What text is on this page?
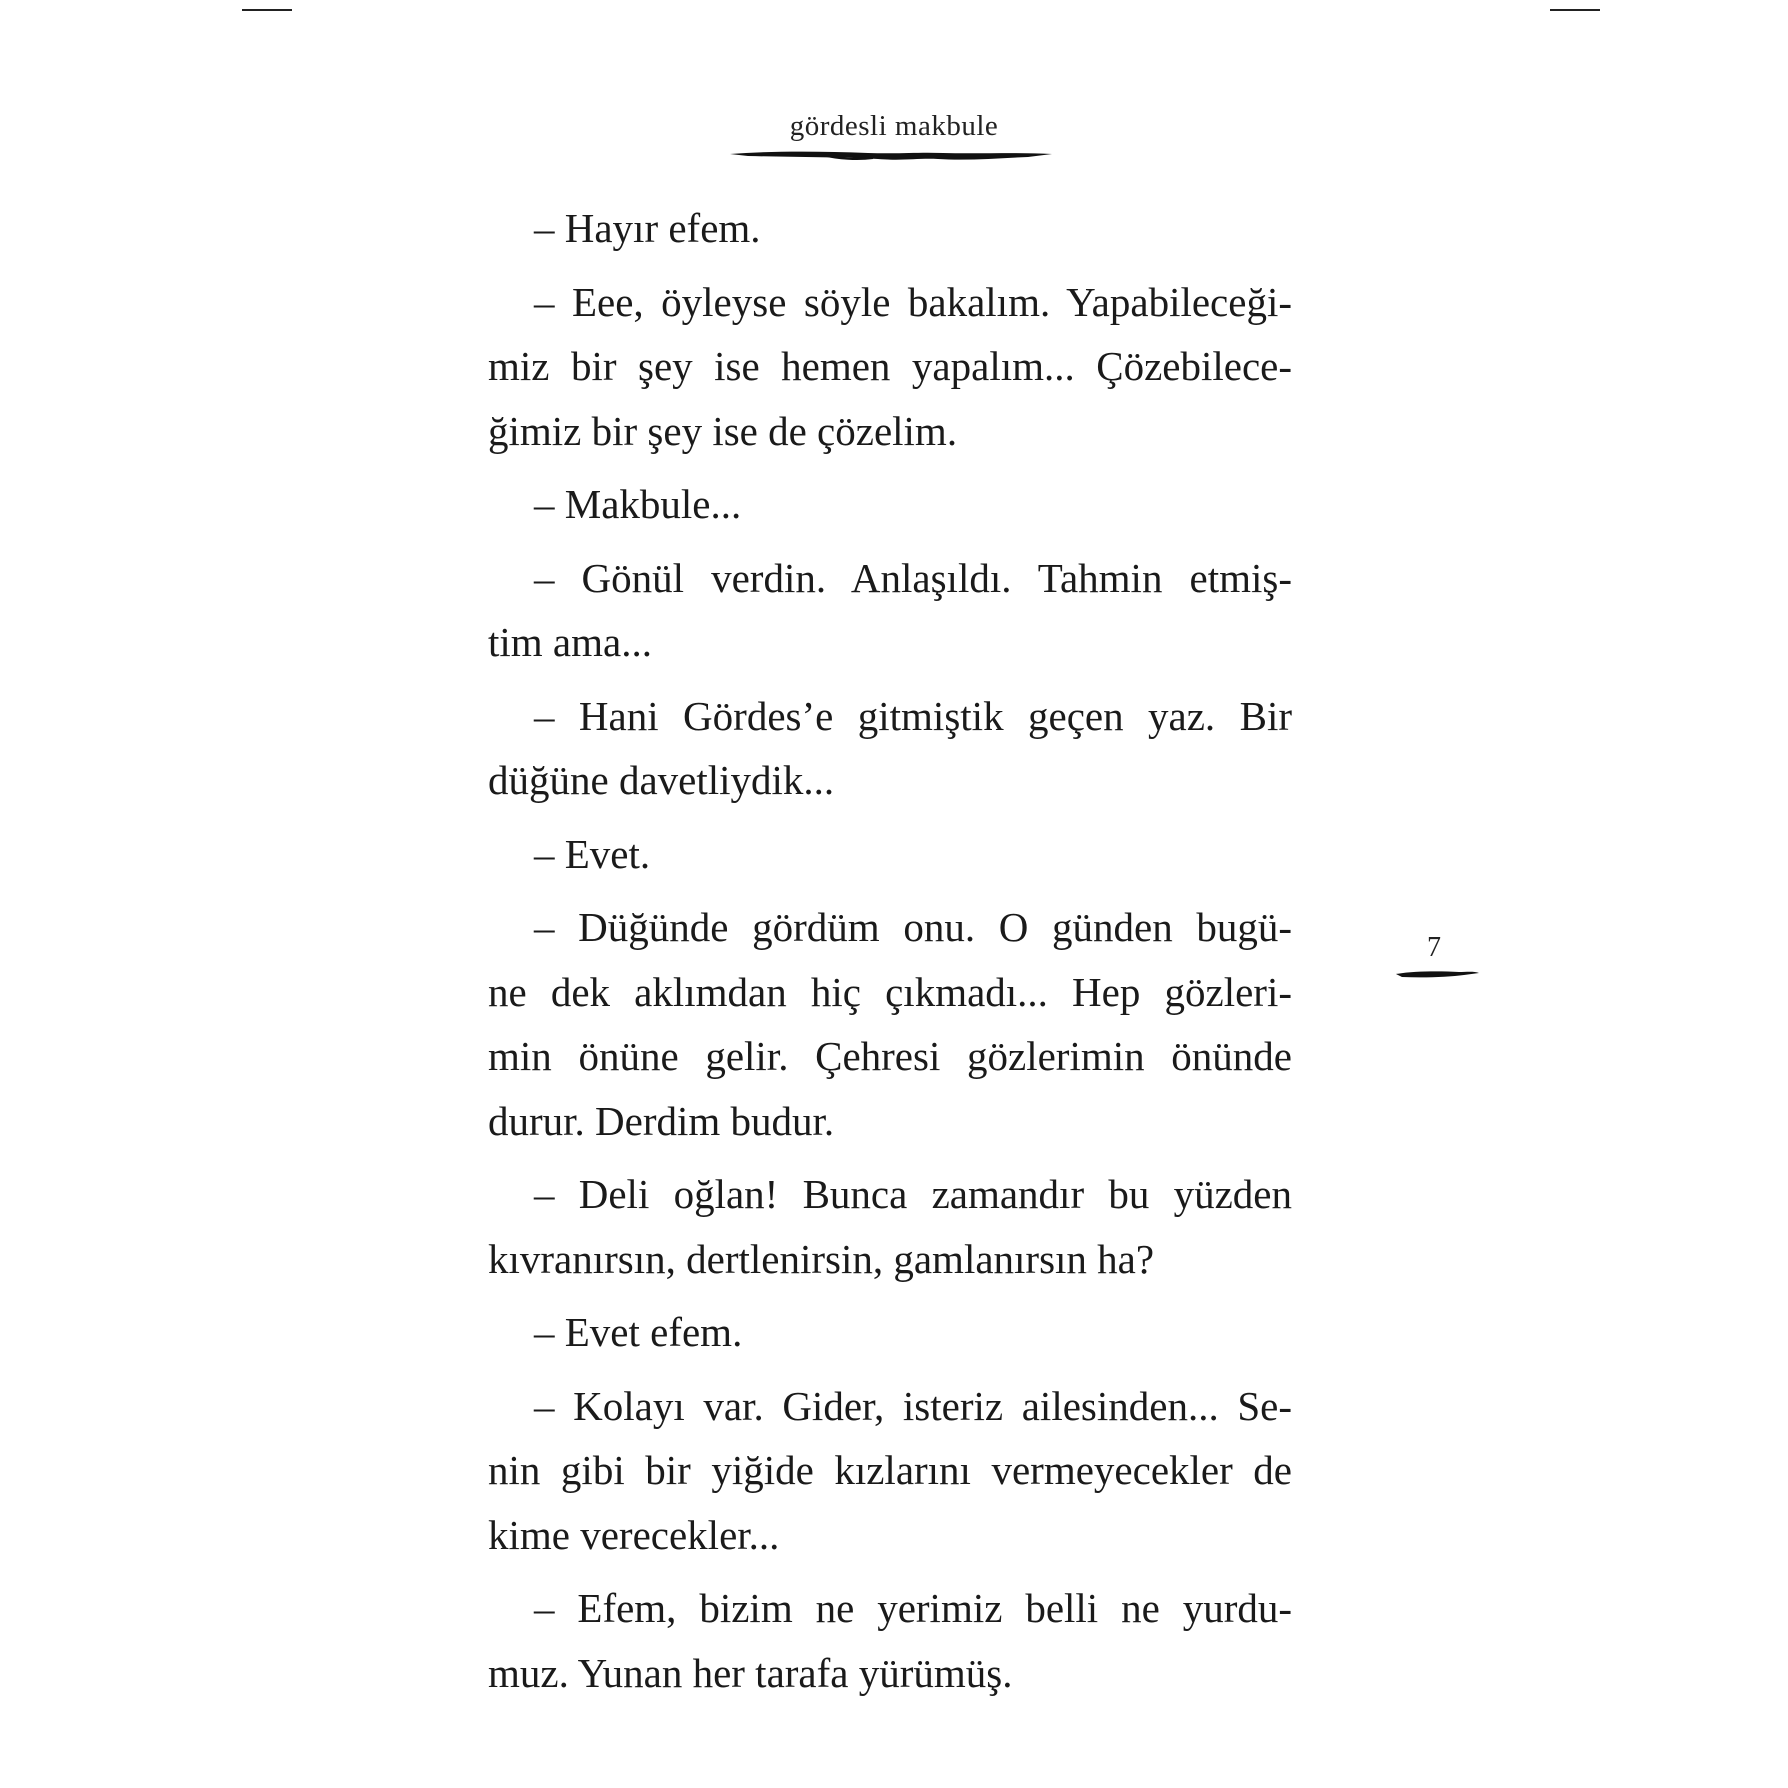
gördesli makbule
7
– Hayır efem.
– Eee, öyleyse söyle bakalım. Yapabileceği-
miz bir şey ise hemen yapalım... Çözebilece-
ğimiz bir şey ise de çözelim.
– Makbule...
– Gönül verdin. Anlaşıldı. Tahmin etmiş-
tim ama...
– Hani Gördes’e gitmiştik geçen yaz. Bir
düğüne davetliydik...
– Evet.
– Düğünde gördüm onu. O günden bugü-
ne dek aklımdan hiç çıkmadı... Hep gözleri-
min önüne gelir. Çehresi gözlerimin önünde
durur. Derdim budur.
– Deli oğlan! Bunca zamandır bu yüzden
kıvranırsın, dertlenirsin, gamlanırsın ha?
– Evet efem.
– Kolayı var. Gider, isteriz ailesinden... Se-
nin gibi bir yiğide kızlarını vermeyecekler de
kime verecekler...
– Efem, bizim ne yerimiz belli ne yurdu-
muz. Yunan her tarafa yürümüş.
